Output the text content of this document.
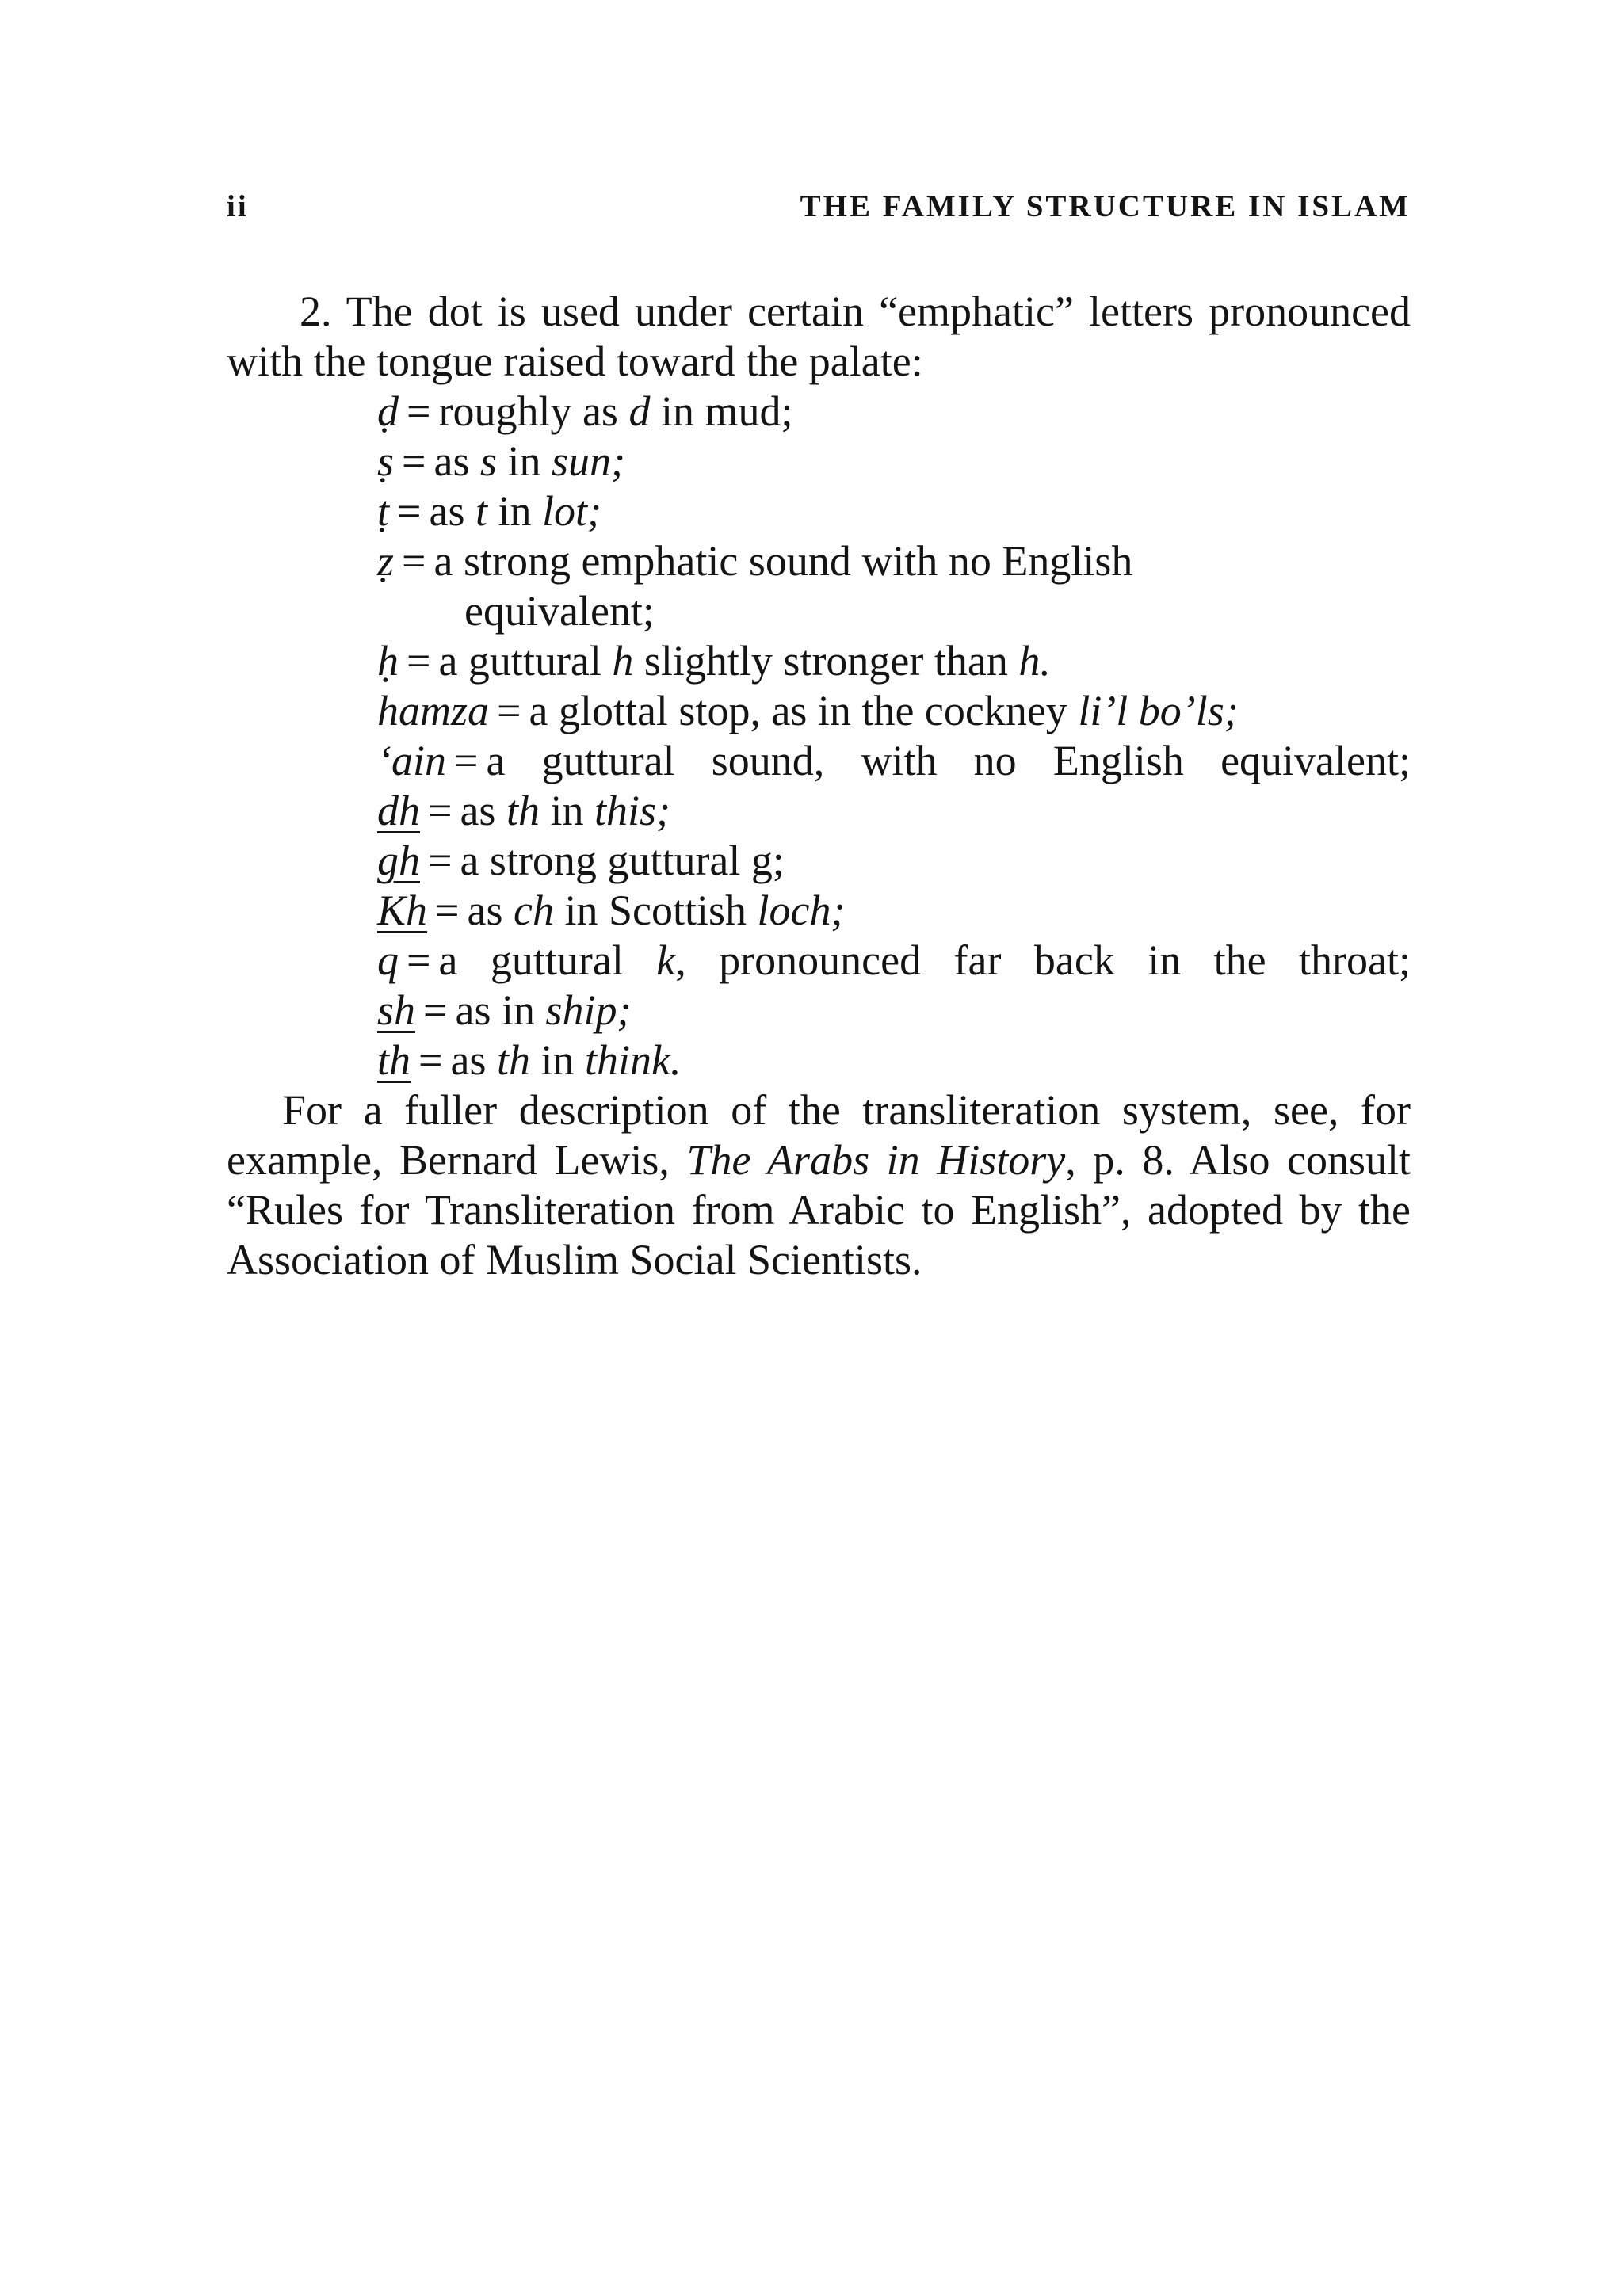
ii	THE FAMILY STRUCTURE IN ISLAM

2. The dot is used under certain “emphatic” letters pronounced with the tongue raised toward the palate:

ḍ = roughly as d in mud;
ṣ = as s in sun;
ṭ = as t in lot;
ẓ = a strong emphatic sound with no English
equivalent;
ḥ = a guttural h slightly stronger than h.
hamza = a glottal stop, as in the cockney li’l bo’ls;
‘ain = a guttural sound, with no English equivalent;
dh = as th in this;
gh = a strong guttural g;
Kh = as ch in Scottish loch;
q = a guttural k, pronounced far back in the throat;
sh = as in ship;
th = as th in think.

For a fuller description of the transliteration system, see, for example, Bernard Lewis, The Arabs in History, p. 8. Also consult “Rules for Transliteration from Arabic to English”, adopted by the Association of Muslim Social Scientists.
